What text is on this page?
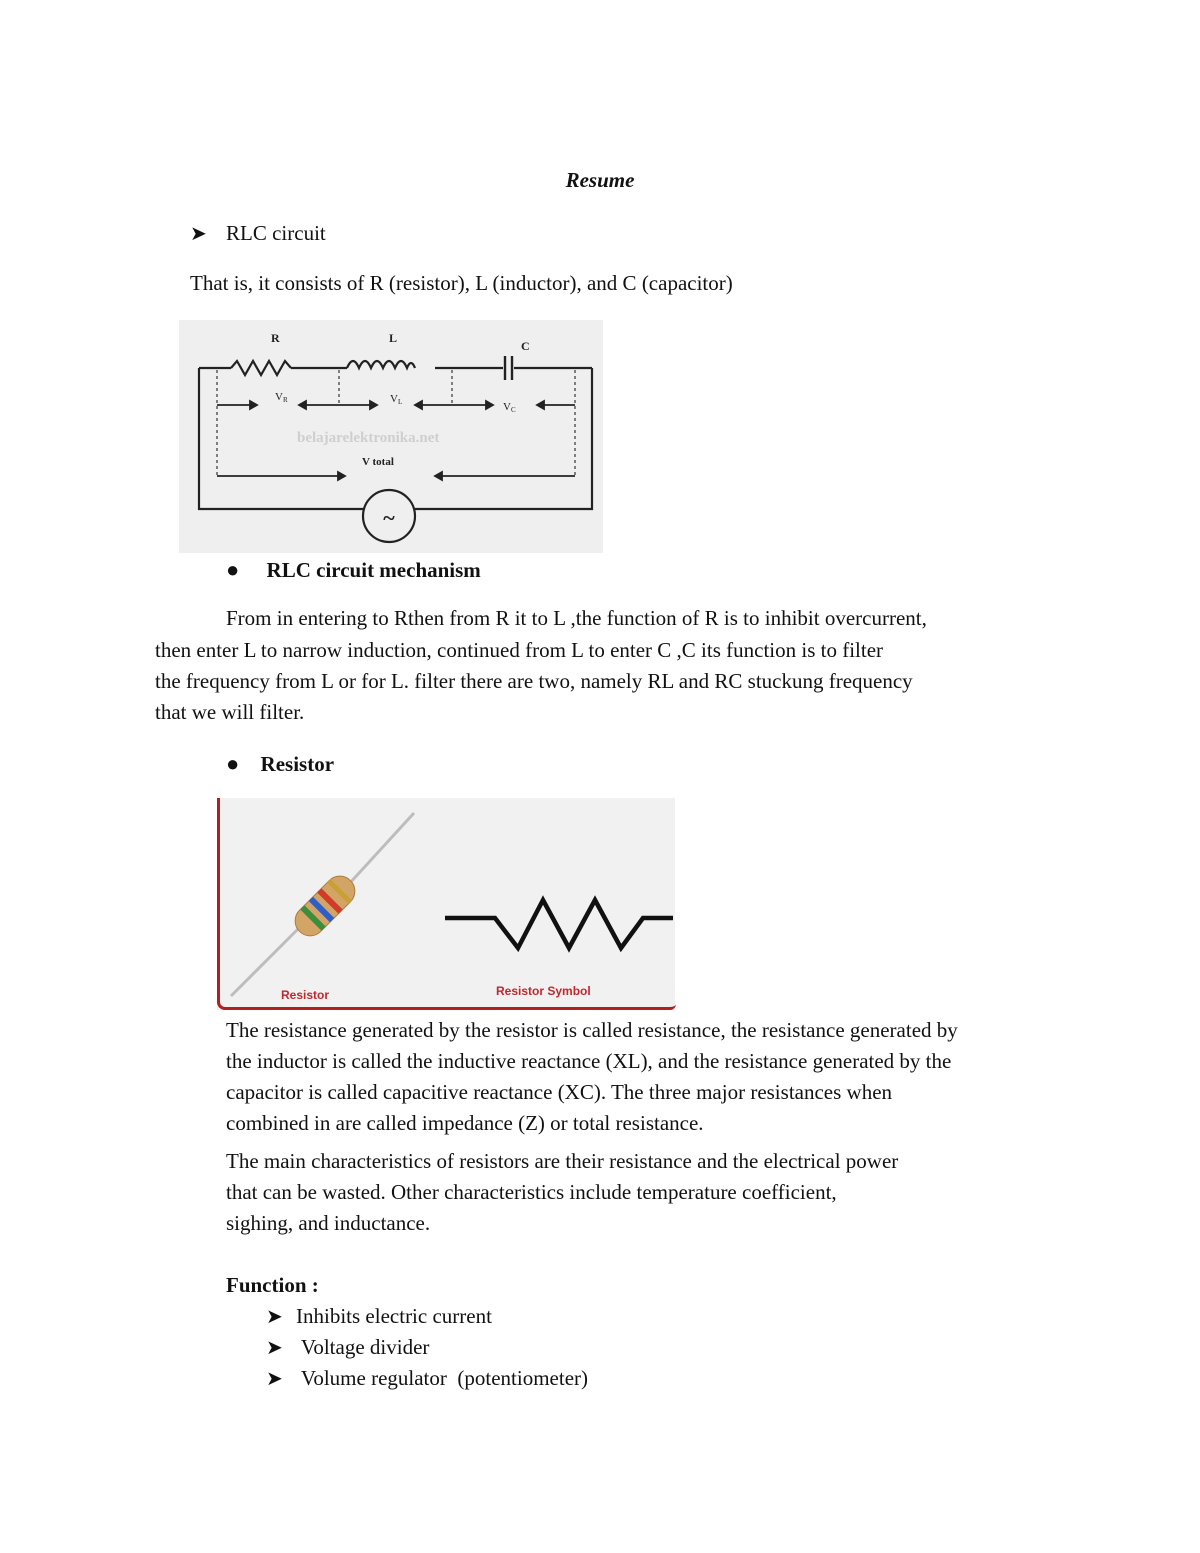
Resume
➤ RLC circuit
That is, it consists of R (resistor), L (inductor), and C (capacitor)
~
R	L
C
VR	VL	VC
belajarelektronika.net
V total
● RLC circuit mechanism
From in entering to Rthen from R it to L ,the function of R is to inhibit overcurrent,
then enter L to narrow induction, continued from L to enter C ,C its function is to filter
the frequency from L or for L. filter there are two, namely RL and RC stuckung frequency
that we will filter.
● Resistor
Resistor	Resistor Symbol
The resistance generated by the resistor is called resistance, the resistance generated by
the inductor is called the inductive reactance (XL), and the resistance generated by the
capacitor is called capacitive reactance (XC). The three major resistances when
combined in are called impedance (Z) or total resistance.
The main characteristics of resistors are their resistance and the electrical power
that can be wasted. Other characteristics include temperature coefficient,
sighing, and inductance.
Function :
➤ Inhibits electric current
➤  Voltage divider
➤  Volume regulator  (potentiometer)
